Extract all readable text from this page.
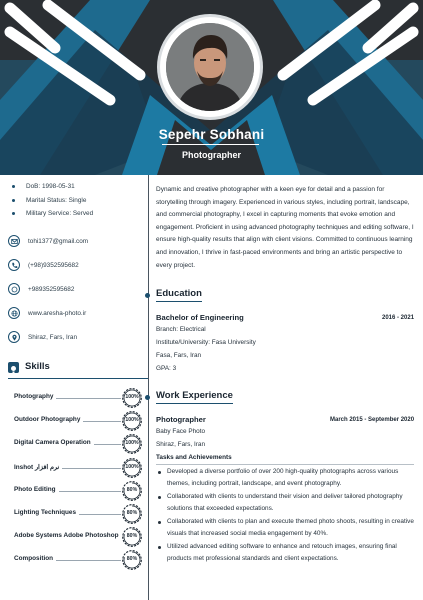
Sepehr Sobhani
Photographer
DoB: 1998-05-31
Marital Status: Single
Military Service: Served
tohi1377@gmail.com
(+98)9352595682
+989352595682
www.aresha-photo.ir
Shiraz, Fars, Iran
Skills
Photography	100%
Outdoor Photography	100%
Digital Camera Operation	100%
Inshot نرم افزار	100%
Photo Editing	80%
Lighting Techniques	80%
Adobe Systems Adobe Photoshop	80%
Composition	80%
Dynamic and creative photographer with a keen eye for detail and a passion for storytelling through imagery. Experienced in various styles, including portrait, landscape, and commercial photography, I excel in capturing moments that evoke emotion and engagement. Proficient in using advanced photography techniques and editing software, I ensure high-quality results that align with client visions. Committed to continuous learning and innovation, I thrive in fast-paced environments and bring an artistic perspective to every project.
Education
Bachelor of Engineering	2016 - 2021
Branch: Electrical
Institute/University: Fasa University
Fasa, Fars, Iran
GPA: 3
Work Experience
Photographer	March 2015 - September 2020
Baby Face Photo
Shiraz, Fars, Iran
Tasks and Achievements
Developed a diverse portfolio of over 200 high-quality photographs across various themes, including portrait, landscape, and event photography.
Collaborated with clients to understand their vision and deliver tailored photography solutions that exceeded expectations.
Collaborated with clients to plan and execute themed photo shoots, resulting in creative visuals that increased social media engagement by 40%.
Utilized advanced editing software to enhance and retouch images, ensuring final products met professional standards and client expectations.
